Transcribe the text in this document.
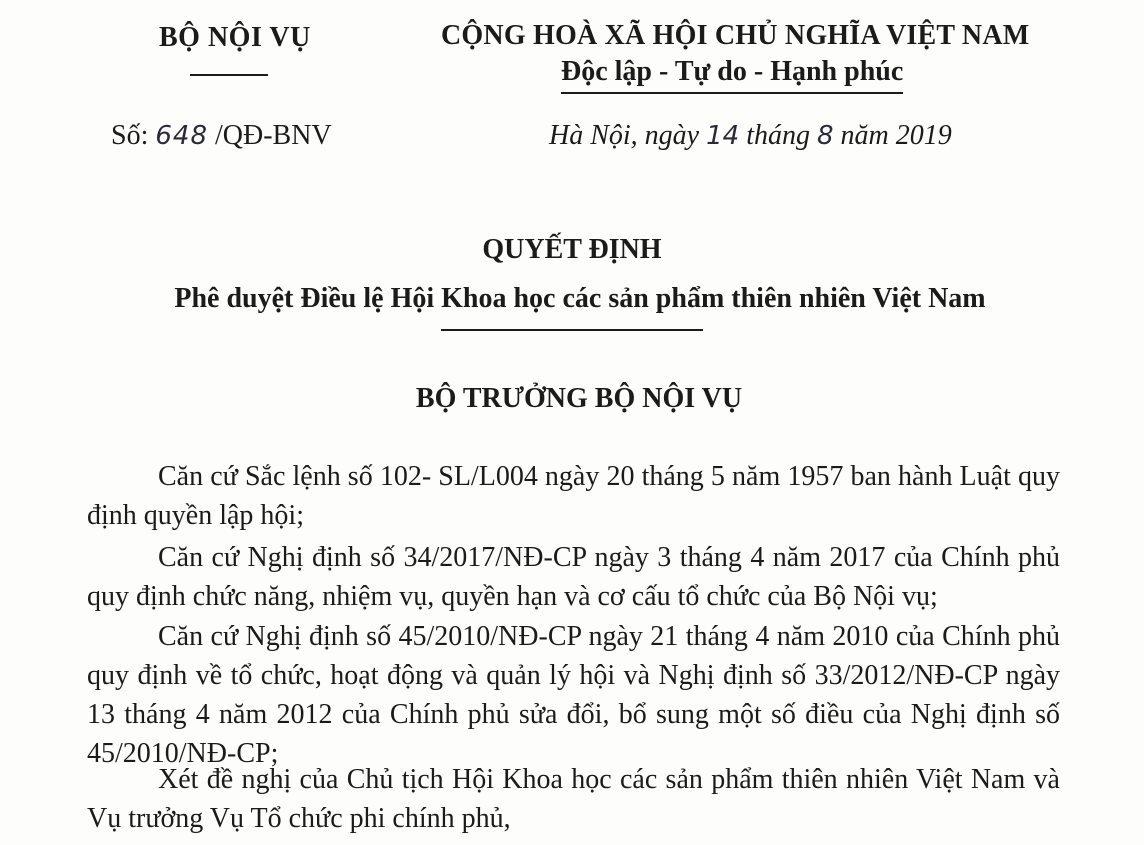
BỘ NỘI VỤ
Số: 648 /QĐ-BNV
CỘNG HOÀ XÃ HỘI CHỦ NGHĨA VIỆT NAM
Độc lập - Tự do - Hạnh phúc
Hà Nội, ngày 14 tháng 8 năm 2019
QUYẾT ĐỊNH
Phê duyệt Điều lệ Hội Khoa học các sản phẩm thiên nhiên Việt Nam
BỘ TRƯỞNG BỘ NỘI VỤ

Căn cứ Sắc lệnh số 102- SL/L004 ngày 20 tháng 5 năm 1957 ban hành Luật quy định quyền lập hội;

Căn cứ Nghị định số 34/2017/NĐ-CP ngày 3 tháng 4 năm 2017 của Chính phủ quy định chức năng, nhiệm vụ, quyền hạn và cơ cấu tổ chức của Bộ Nội vụ;

Căn cứ Nghị định số 45/2010/NĐ-CP ngày 21 tháng 4 năm 2010 của Chính phủ quy định về tổ chức, hoạt động và quản lý hội và Nghị định số 33/2012/NĐ-CP ngày 13 tháng 4 năm 2012 của Chính phủ sửa đổi, bổ sung một số điều của Nghị định số 45/2010/NĐ-CP;

Xét đề nghị của Chủ tịch Hội Khoa học các sản phẩm thiên nhiên Việt Nam và Vụ trưởng Vụ Tổ chức phi chính phủ,
